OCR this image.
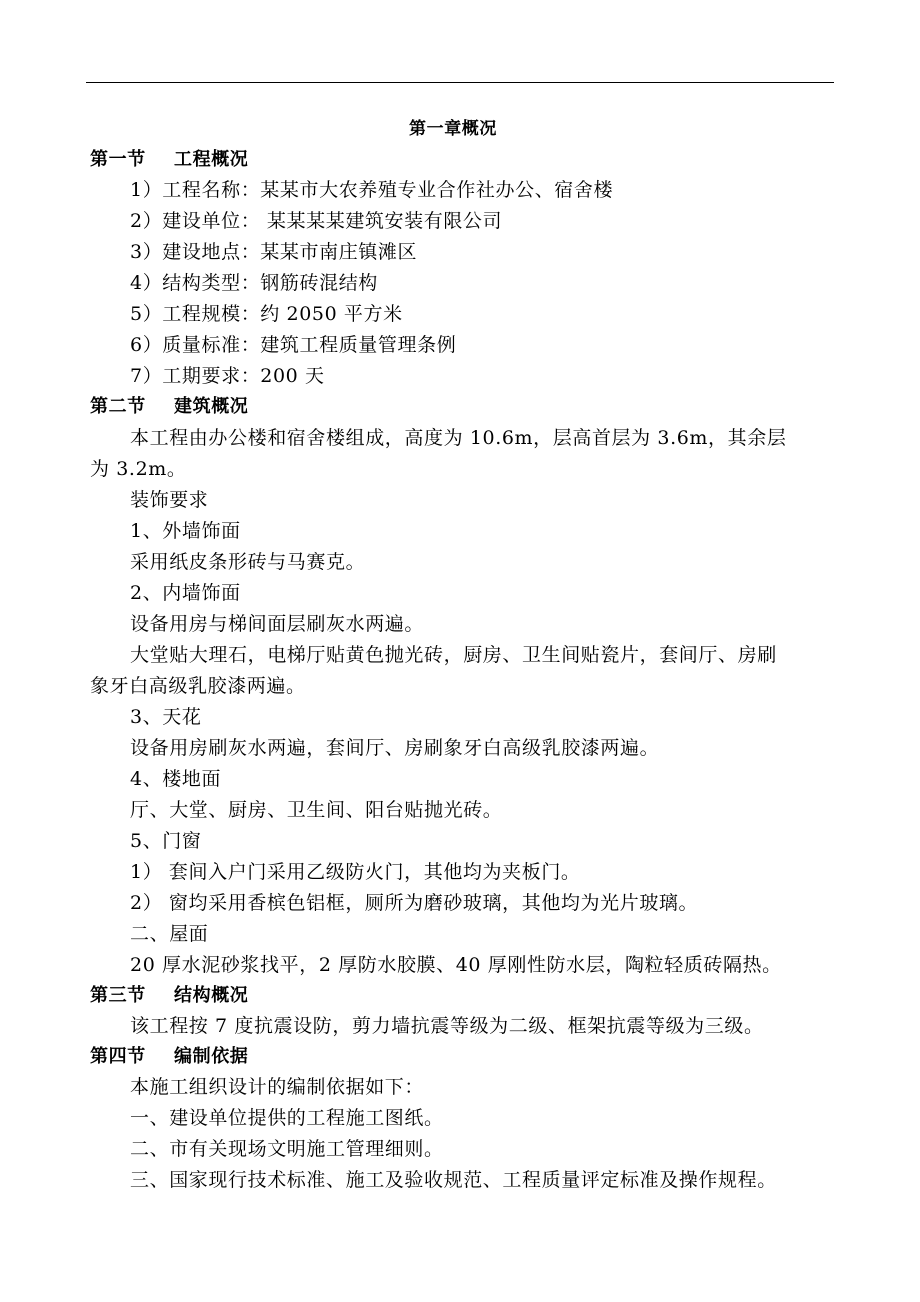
第一章概况
第一节 工程概况
1）工程名称：某某市大农养殖专业合作社办公、宿舍楼
2）建设单位： 某某某某建筑安装有限公司
3）建设地点：某某市南庄镇滩区
4）结构类型：钢筋砖混结构
5）工程规模：约 2050 平方米
6）质量标准：建筑工程质量管理条例
7）工期要求：200 天
第二节 建筑概况
本工程由办公楼和宿舍楼组成，高度为 10.6m，层高首层为 3.6m，其余层
为 3.2m。
装饰要求
1、外墙饰面
采用纸皮条形砖与马赛克。
2、内墙饰面
设备用房与梯间面层刷灰水两遍。
大堂贴大理石，电梯厅贴黄色抛光砖，厨房、卫生间贴瓷片，套间厅、房刷
象牙白高级乳胶漆两遍。
3、天花
设备用房刷灰水两遍，套间厅、房刷象牙白高级乳胶漆两遍。
4、楼地面
厅、大堂、厨房、卫生间、阳台贴抛光砖。
5、门窗
1） 套间入户门采用乙级防火门，其他均为夹板门。
2） 窗均采用香槟色铝框，厕所为磨砂玻璃，其他均为光片玻璃。
二、屋面
20 厚水泥砂浆找平，2 厚防水胶膜、40 厚刚性防水层，陶粒轻质砖隔热。
第三节 结构概况
该工程按 7 度抗震设防，剪力墙抗震等级为二级、框架抗震等级为三级。
第四节 编制依据
本施工组织设计的编制依据如下：
一、建设单位提供的工程施工图纸。
二、市有关现场文明施工管理细则。
三、国家现行技术标准、施工及验收规范、工程质量评定标准及操作规程。
